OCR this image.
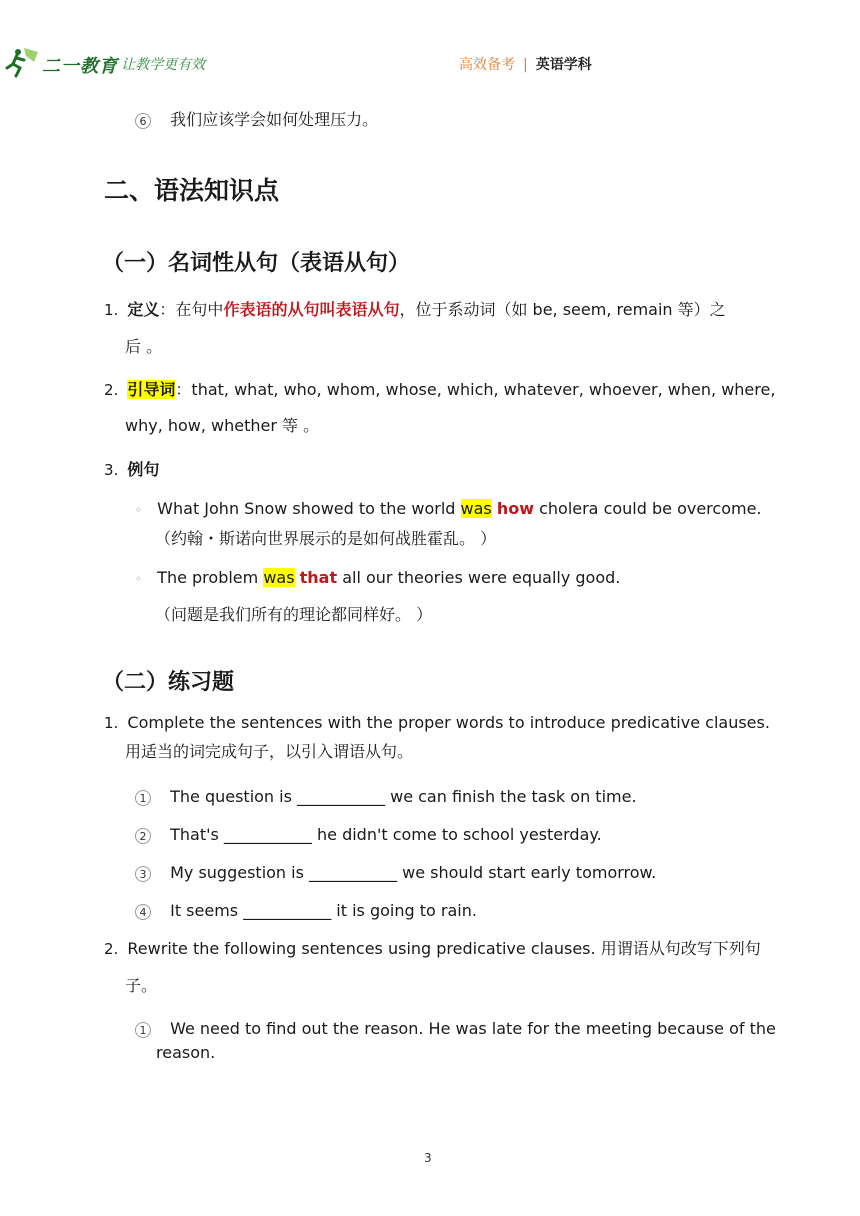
二一教育
/ 让教学更有效	高效备考 | 英语学科
6 我们应该学会如何处理压力。
二、语法知识点
（一）名词性从句（表语从句）
1. 定义：在句中作表语的从句叫表语从句，位于系动词（如 be, seem, remain 等）之
后 。
2. 引导词：that, what, who, whom, whose, which, whatever, whoever, when, where,
why, how, whether 等 。
3. 例句
◦ What John Snow showed to the world was how cholera could be overcome.
（约翰・斯诺向世界展示的是如何战胜霍乱。 ）
◦ The problem was that all our theories were equally good.
（问题是我们所有的理论都同样好。 ）
（二）练习题
1. Complete the sentences with the proper words to introduce predicative clauses.
用适当的词完成句子，以引入谓语从句。
1 The question is ___________ we can finish the task on time.
2 That's ___________ he didn't come to school yesterday.
3 My suggestion is ___________ we should start early tomorrow.
4 It seems ___________ it is going to rain.
2. Rewrite the following sentences using predicative clauses. 用谓语从句改写下列句
子。
1 We need to find out the reason. He was late for the meeting because of the
reason.
3
